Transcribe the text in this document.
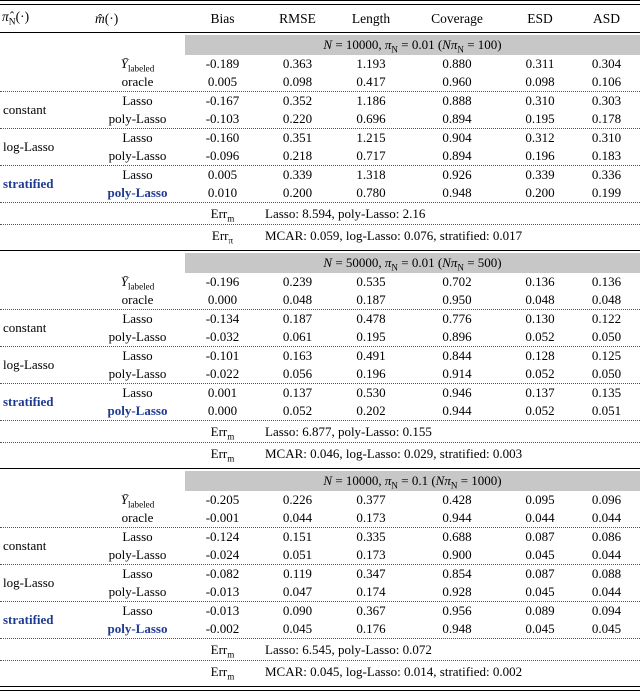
$\pî_N(\cdot)$	m̂(·)	Bias	RMSE	Length	Coverage	ESD	ASD
N = 10000, $\pi_N = 0.01$ $(N\pi_N = 100)$
$Ȳ_{labeled}$	-0.189	0.363	1.193	0.880	0.311	0.304
oracle	0.005	0.098	0.417	0.960	0.098	0.106
constant
Lasso	-0.167	0.352	1.186	0.888	0.310	0.303
poly-Lasso	-0.103	0.220	0.696	0.894	0.195	0.178
log-Lasso
Lasso	-0.160	0.351	1.215	0.904	0.312	0.310
poly-Lasso	-0.096	0.218	0.717	0.894	0.196	0.183
stratified
Lasso	0.005	0.339	1.318	0.926	0.339	0.336
poly-Lasso	0.010	0.200	0.780	0.948	0.200	0.199
Err$_m$	Lasso: 8.594, poly-Lasso: 2.16
Err$_\pi$	MCAR: 0.059, log-Lasso: 0.076, stratified: 0.017
N = 50000, $\pi_N = 0.01$ $(N\pi_N = 500)$
$Ȳ_{labeled}$	-0.196	0.239	0.535	0.702	0.136	0.136
oracle	0.000	0.048	0.187	0.950	0.048	0.048
constant
Lasso	-0.134	0.187	0.478	0.776	0.130	0.122
poly-Lasso	-0.032	0.061	0.195	0.896	0.052	0.050
log-Lasso
Lasso	-0.101	0.163	0.491	0.844	0.128	0.125
poly-Lasso	-0.022	0.056	0.196	0.914	0.052	0.050
stratified
Lasso	0.001	0.137	0.530	0.946	0.137	0.135
poly-Lasso	0.000	0.052	0.202	0.944	0.052	0.051
Err$_m$	Lasso: 6.877, poly-Lasso: 0.155
Err$_m$	MCAR: 0.046, log-Lasso: 0.029, stratified: 0.003
N = 10000, $\pi_N = 0.1$ $(N\pi_N = 1000)$
$Ȳ_{labeled}$	-0.205	0.226	0.377	0.428	0.095	0.096
oracle	-0.001	0.044	0.173	0.944	0.044	0.044
constant
Lasso	-0.124	0.151	0.335	0.688	0.087	0.086
poly-Lasso	-0.024	0.051	0.173	0.900	0.045	0.044
log-Lasso
Lasso	-0.082	0.119	0.347	0.854	0.087	0.088
poly-Lasso	-0.013	0.047	0.174	0.928	0.045	0.044
stratified
Lasso	-0.013	0.090	0.367	0.956	0.089	0.094
poly-Lasso	-0.002	0.045	0.176	0.948	0.045	0.045
Err$_m$	Lasso: 6.545, poly-Lasso: 0.072
Err$_m$	MCAR: 0.045, log-Lasso: 0.014, stratified: 0.002
